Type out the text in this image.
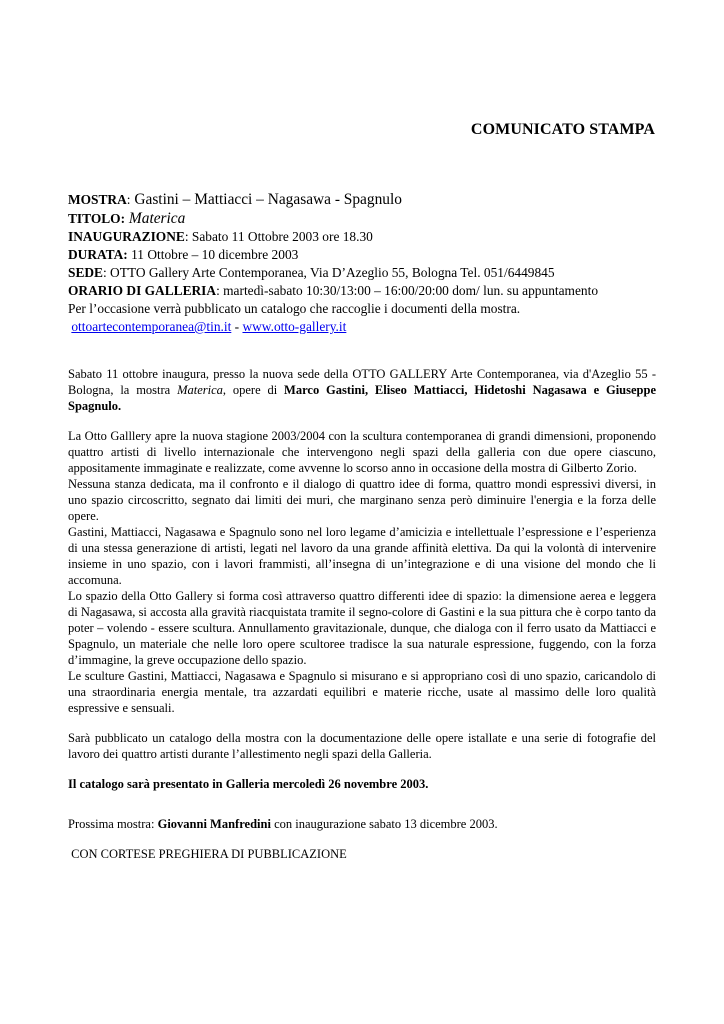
COMUNICATO STAMPA
MOSTRA: Gastini – Mattiacci – Nagasawa - Spagnulo
TITOLO: Materica
INAUGURAZIONE: Sabato 11 Ottobre 2003 ore 18.30
DURATA: 11 Ottobre – 10 dicembre 2003
SEDE: OTTO Gallery Arte Contemporanea, Via D’Azeglio 55, Bologna Tel. 051/6449845
ORARIO DI GALLERIA: martedì-sabato 10:30/13:00 – 16:00/20:00 dom/ lun. su appuntamento
Per l’occasione verrà pubblicato un catalogo che raccoglie i documenti della mostra.
ottoartecontemporanea@tin.it - www.otto-gallery.it

Sabato 11 ottobre inaugura, presso la nuova sede della OTTO GALLERY Arte Contemporanea, via d'Azeglio 55 - Bologna, la mostra Materica, opere di Marco Gastini, Eliseo Mattiacci, Hidetoshi Nagasawa e Giuseppe Spagnulo.

La Otto Galllery apre la nuova stagione 2003/2004 con la scultura contemporanea di grandi dimensioni, proponendo quattro artisti di livello internazionale che intervengono negli spazi della galleria con due opere ciascuno, appositamente immaginate e realizzate, come avvenne lo scorso anno in occasione della mostra di Gilberto Zorio.

Nessuna stanza dedicata, ma il confronto e il dialogo di quattro idee di forma, quattro mondi espressivi diversi, in uno spazio circoscritto, segnato dai limiti dei muri, che marginano senza però diminuire l'energia e la forza delle opere.

Gastini, Mattiacci, Nagasawa e Spagnulo sono nel loro legame d’amicizia e intellettuale l’espressione e l’esperienza di una stessa generazione di artisti, legati nel lavoro da una grande affinità elettiva. Da qui la volontà di intervenire insieme in uno spazio, con i lavori frammisti, all’insegna di un’integrazione e di una visione del mondo che li accomuna.

Lo spazio della Otto Gallery si forma così attraverso quattro differenti idee di spazio: la dimensione aerea e leggera di Nagasawa, si accosta alla gravità riacquistata tramite il segno-colore di Gastini e la sua pittura che è corpo tanto da poter – volendo - essere scultura. Annullamento gravitazionale, dunque, che dialoga con il ferro usato da Mattiacci e Spagnulo, un materiale che nelle loro opere scultoree tradisce la sua naturale espressione, fuggendo, con la forza d’immagine, la greve occupazione dello spazio.

Le sculture Gastini, Mattiacci, Nagasawa e Spagnulo si misurano e si appropriano così di uno spazio, caricandolo di una straordinaria energia mentale, tra azzardati equilibri e materie ricche, usate al massimo delle loro qualità espressive e sensuali.

Sarà pubblicato un catalogo della mostra con la documentazione delle opere istallate e una serie di fotografie del lavoro dei quattro artisti durante l’allestimento negli spazi della Galleria.

Il catalogo sarà presentato in Galleria mercoledì 26 novembre 2003.

Prossima mostra: Giovanni Manfredini con inaugurazione sabato 13 dicembre 2003.

CON CORTESE PREGHIERA DI PUBBLICAZIONE
